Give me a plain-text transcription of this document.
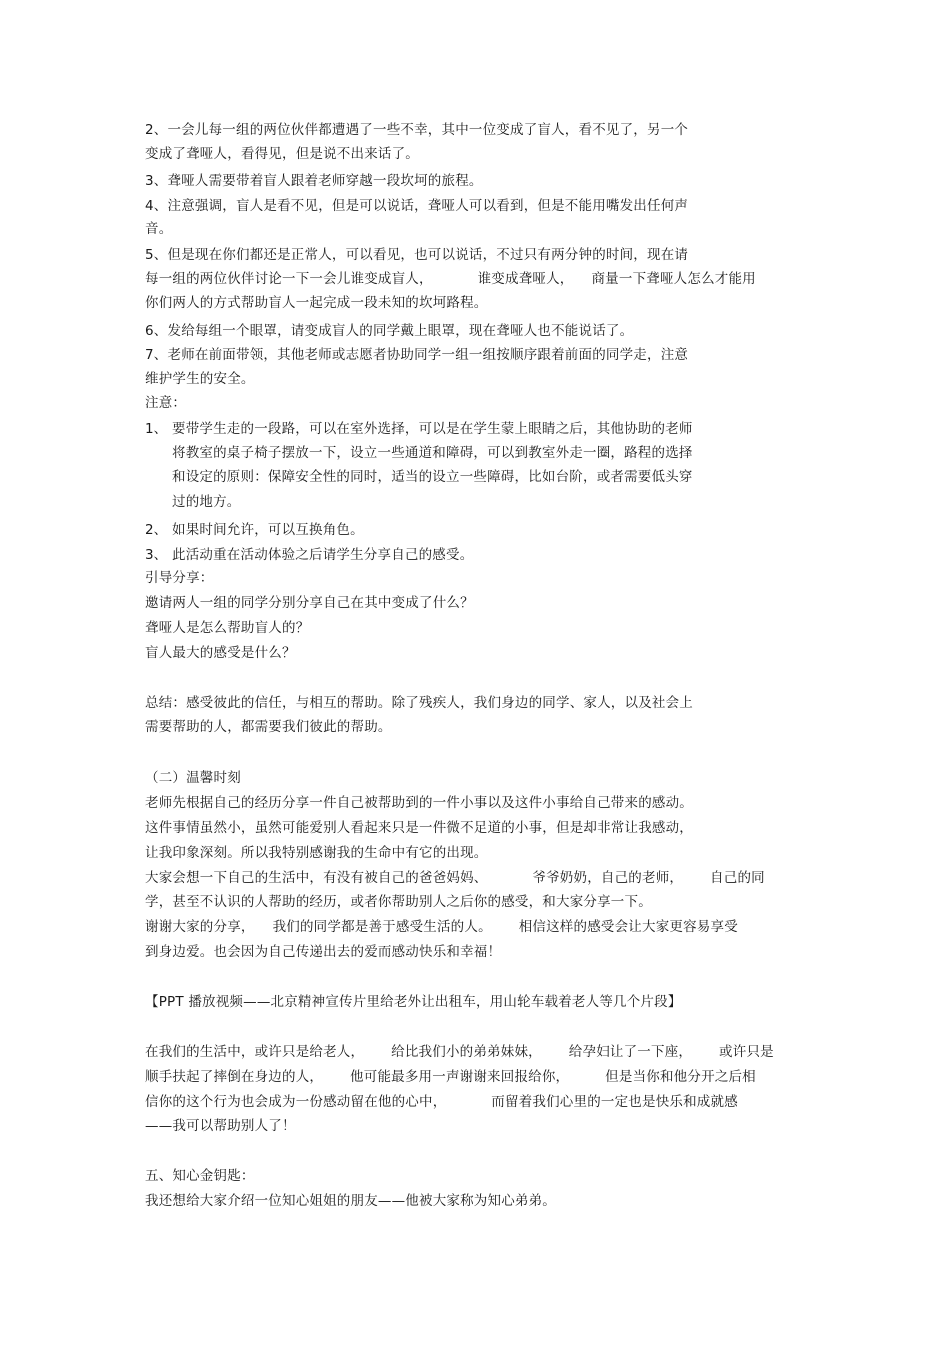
2、一会儿每一组的两位伙伴都遭遇了一些不幸，其中一位变成了盲人，看不见了，另一个
变成了聋哑人，看得见，但是说不出来话了。
3、聋哑人需要带着盲人跟着老师穿越一段坎坷的旅程。
4、注意强调，盲人是看不见，但是可以说话，聋哑人可以看到，但是不能用嘴发出任何声
音。
5、但是现在你们都还是正常人，可以看见，也可以说话，不过只有两分钟的时间，现在请
每一组的两位伙伴讨论一下一会儿谁变成盲人，          谁变成聋哑人，    商量一下聋哑人怎么才能用
你们两人的方式帮助盲人一起完成一段未知的坎坷路程。
6、发给每组一个眼罩，请变成盲人的同学戴上眼罩，现在聋哑人也不能说话了。
7、老师在前面带领，其他老师或志愿者协助同学一组一组按顺序跟着前面的同学走，注意
维护学生的安全。
注意：
1、 要带学生走的一段路，可以在室外选择，可以是在学生蒙上眼睛之后，其他协助的老师
将教室的桌子椅子摆放一下，设立一些通道和障碍，可以到教室外走一圈，路程的选择
和设定的原则：保障安全性的同时，适当的设立一些障碍，比如台阶，或者需要低头穿
过的地方。
2、 如果时间允许，可以互换角色。
3、 此活动重在活动体验之后请学生分享自己的感受。
引导分享：
邀请两人一组的同学分别分享自己在其中变成了什么？
聋哑人是怎么帮助盲人的？
盲人最大的感受是什么？
总结：感受彼此的信任，与相互的帮助。除了残疾人，我们身边的同学、家人，以及社会上
需要帮助的人，都需要我们彼此的帮助。
（二）温馨时刻
老师先根据自己的经历分享一件自己被帮助到的一件小事以及这件小事给自己带来的感动。
这件事情虽然小，虽然可能爱别人看起来只是一件微不足道的小事，但是却非常让我感动，
让我印象深刻。所以我特别感谢我的生命中有它的出现。
大家会想一下自己的生活中，有没有被自己的爸爸妈妈、          爷爷奶奶，自己的老师，      自己的同
学，甚至不认识的人帮助的经历，或者你帮助别人之后你的感受，和大家分享一下。
谢谢大家的分享，    我们的同学都是善于感受生活的人。      相信这样的感受会让大家更容易享受
到身边爱。也会因为自己传递出去的爱而感动快乐和幸福！
【PPT 播放视频——北京精神宣传片里给老外让出租车，用山轮车载着老人等几个片段】
在我们的生活中，或许只是给老人，      给比我们小的弟弟妹妹，      给孕妇让了一下座，      或许只是
顺手扶起了摔倒在身边的人，      他可能最多用一声谢谢来回报给你，        但是当你和他分开之后相
信你的这个行为也会成为一份感动留在他的心中，          而留着我们心里的一定也是快乐和成就感
——我可以帮助别人了！
五、知心金钥匙：
我还想给大家介绍一位知心姐姐的朋友——他被大家称为知心弟弟。
